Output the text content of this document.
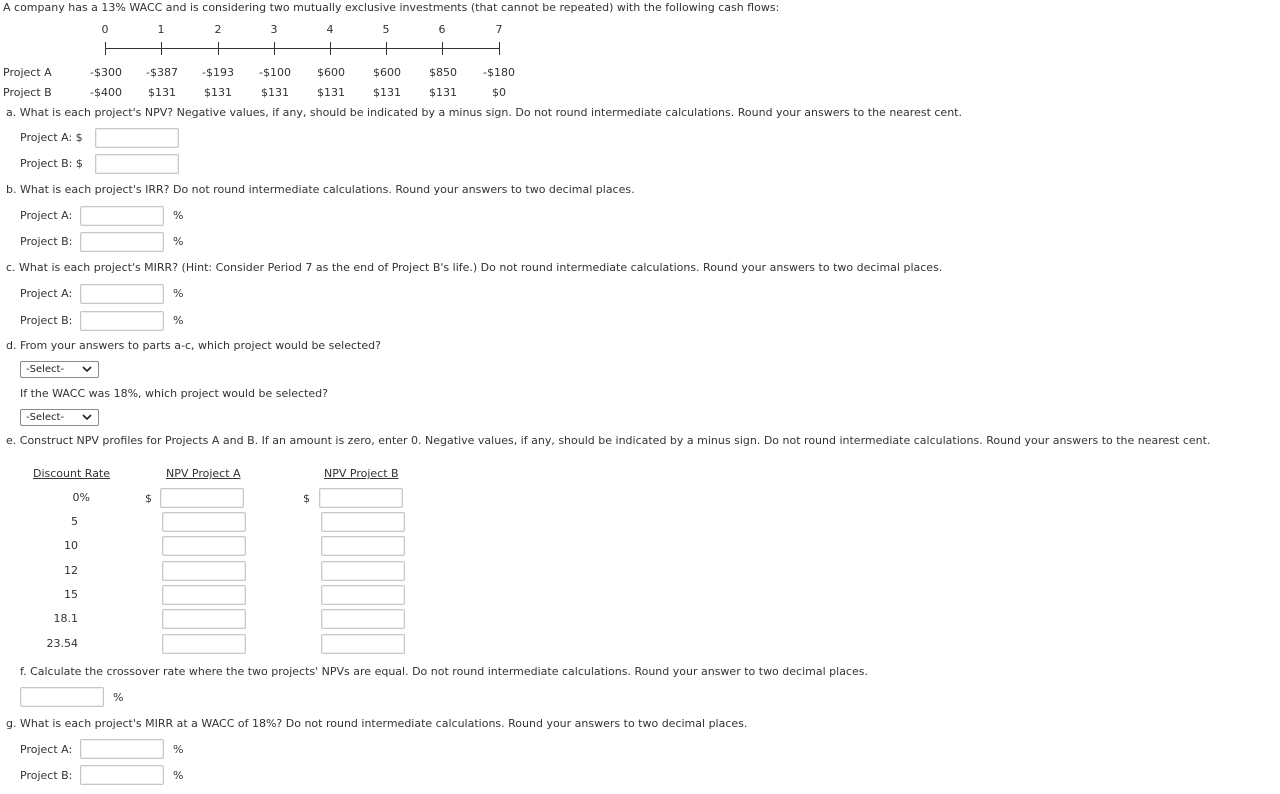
A company has a 13% WACC and is considering two mutually exclusive investments (that cannot be repeated) with the following cash flows:
0	1	2	3	4	5	6	7
Project A	-$300	-$387	-$193	-$100	$600	$600	$850	-$180
Project B	-$400	$131	$131	$131	$131	$131	$131	$0
a. What is each project's NPV? Negative values, if any, should be indicated by a minus sign. Do not round intermediate calculations. Round your answers to the nearest cent.
Project A: $
Project B: $
b. What is each project's IRR? Do not round intermediate calculations. Round your answers to two decimal places.
Project A:	%
Project B:	%
c. What is each project's MIRR? (Hint: Consider Period 7 as the end of Project B's life.) Do not round intermediate calculations. Round your answers to two decimal places.
Project A:	%
Project B:	%
d. From your answers to parts a-c, which project would be selected?
-Select-
If the WACC was 18%, which project would be selected?
-Select-
e. Construct NPV profiles for Projects A and B. If an amount is zero, enter 0. Negative values, if any, should be indicated by a minus sign. Do not round intermediate calculations. Round your answers to the nearest cent.
Discount Rate	NPV Project A	NPV Project B
0%	$	$
5
10
12
15
18.1
23.54
f. Calculate the crossover rate where the two projects' NPVs are equal. Do not round intermediate calculations. Round your answer to two decimal places.
%
g. What is each project's MIRR at a WACC of 18%? Do not round intermediate calculations. Round your answers to two decimal places.
Project A:	%
Project B:	%
